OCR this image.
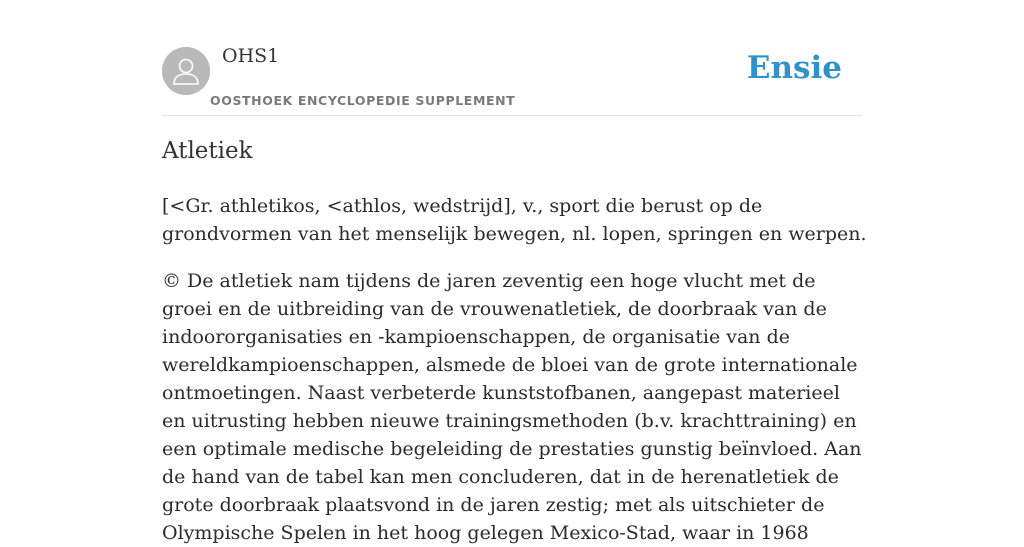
OHS1
OOSTHOEK ENCYCLOPEDIE SUPPLEMENT
Ensie
Atletiek

[<Gr. athletikos, <athlos, wedstrijd], v., sport die berust op de grondvormen van het menselijk bewegen, nl. lopen, springen en werpen.

© De atletiek nam tijdens de jaren zeventig een hoge vlucht met de groei en de uitbreiding van de vrouwenatletiek, de doorbraak van de indoororganisaties en -kampioenschappen, de organisatie van de wereldkampioenschappen, alsmede de bloei van de grote internationale ontmoetingen. Naast verbeterde kunststofbanen, aangepast materieel en uitrusting hebben nieuwe trainingsmethoden (b.v. krachttraining) en een optimale medische begeleiding de prestaties gunstig beïnvloed. Aan de hand van de tabel kan men concluderen, dat in de herenatletiek de grote doorbraak plaatsvond in de jaren zestig; met als uitschieter de Olympische Spelen in het hoog gelegen Mexico-Stad, waar in 1968
